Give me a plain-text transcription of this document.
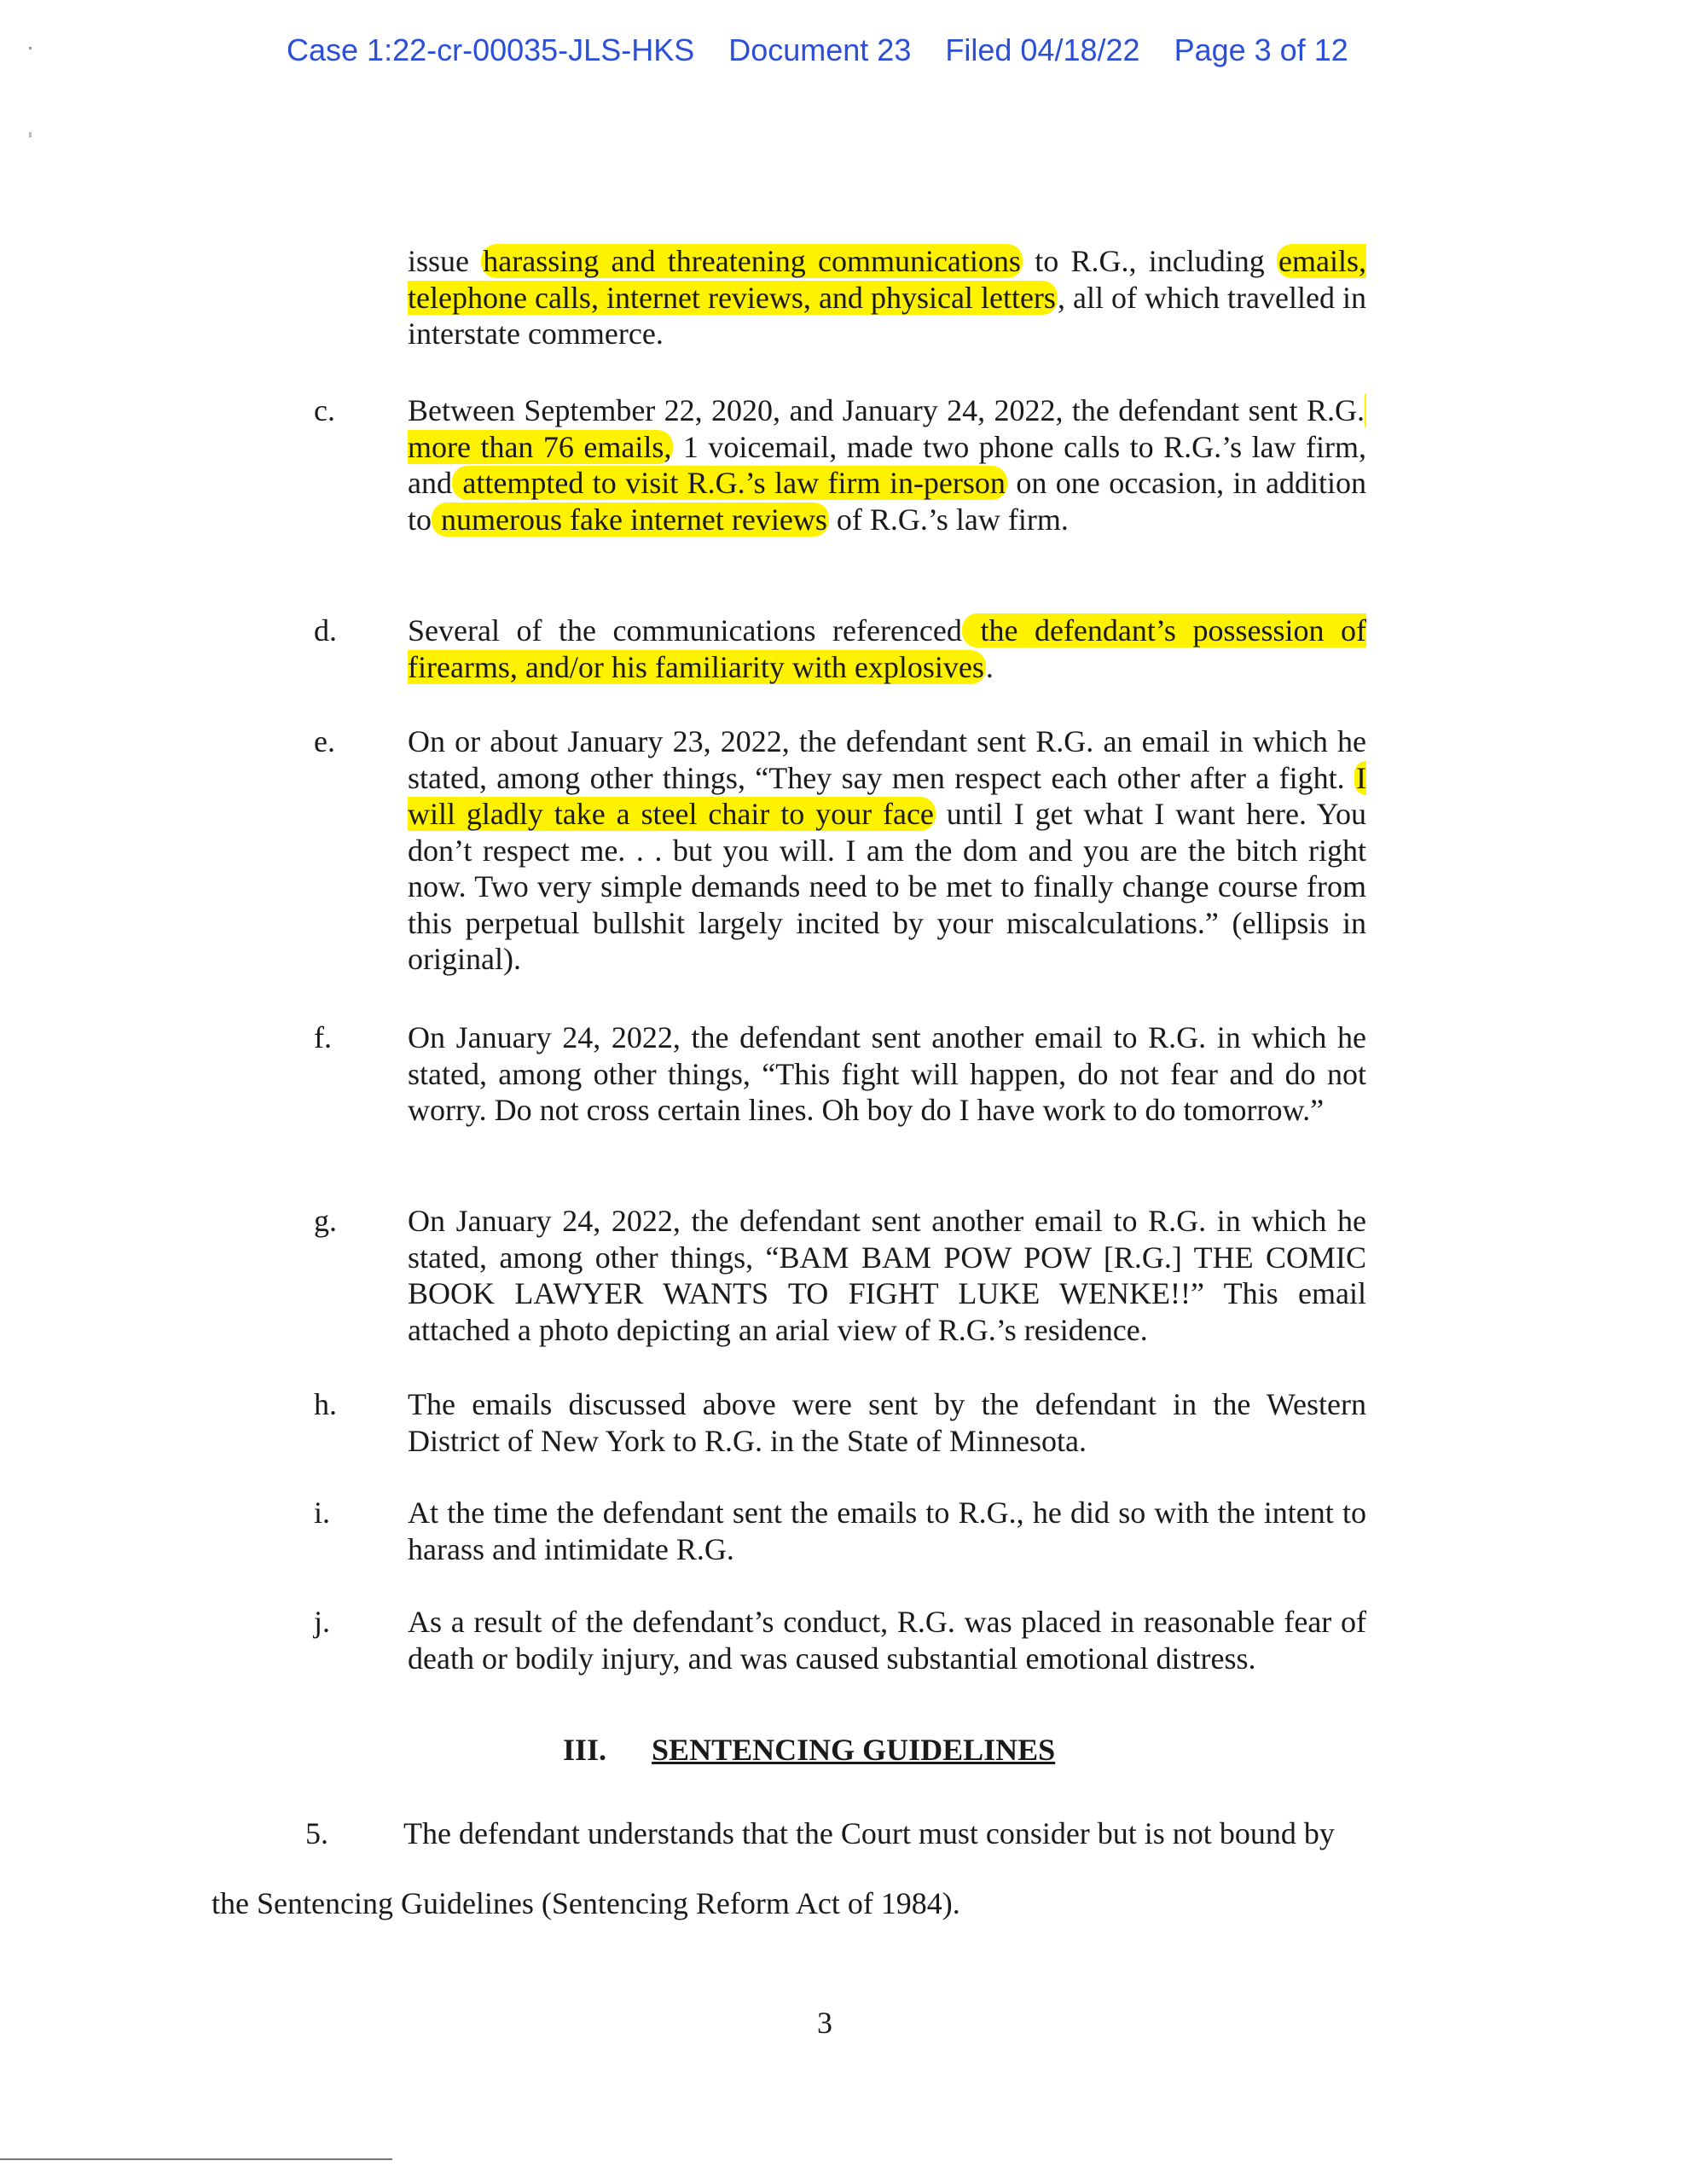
Case 1:22-cr-00035-JLS-HKS Document 23 Filed 04/18/22 Page 3 of 12
issue harassing and threatening communications to R.G., including emails, telephone calls, internet reviews, and physical letters, all of which travelled in interstate commerce.
c. Between September 22, 2020, and January 24, 2022, the defendant sent R.G. more than 76 emails, 1 voicemail, made two phone calls to R.G.’s law firm, and attempted to visit R.G.’s law firm in-person on one occasion, in addition to numerous fake internet reviews of R.G.’s law firm.
d. Several of the communications referenced the defendant’s possession of firearms, and/or his familiarity with explosives.
e. On or about January 23, 2022, the defendant sent R.G. an email in which he stated, among other things, “They say men respect each other after a fight. I will gladly take a steel chair to your face until I get what I want here. You don’t respect me. . . but you will. I am the dom and you are the bitch right now. Two very simple demands need to be met to finally change course from this perpetual bullshit largely incited by your miscalculations.” (ellipsis in original).
f. On January 24, 2022, the defendant sent another email to R.G. in which he stated, among other things, “This fight will happen, do not fear and do not worry. Do not cross certain lines. Oh boy do I have work to do tomorrow.”
g. On January 24, 2022, the defendant sent another email to R.G. in which he stated, among other things, “BAM BAM POW POW [R.G.] THE COMIC BOOK LAWYER WANTS TO FIGHT LUKE WENKE!!” This email attached a photo depicting an arial view of R.G.’s residence.
h. The emails discussed above were sent by the defendant in the Western District of New York to R.G. in the State of Minnesota.
i.	At the time the defendant sent the emails to R.G., he did so with the intent to harass and intimidate R.G.
j.	As a result of the defendant’s conduct, R.G. was placed in reasonable fear of death or bodily injury, and was caused substantial emotional distress.
III. SENTENCING GUIDELINES
5. The defendant understands that the Court must consider but is not bound by
the Sentencing Guidelines (Sentencing Reform Act of 1984).
3
